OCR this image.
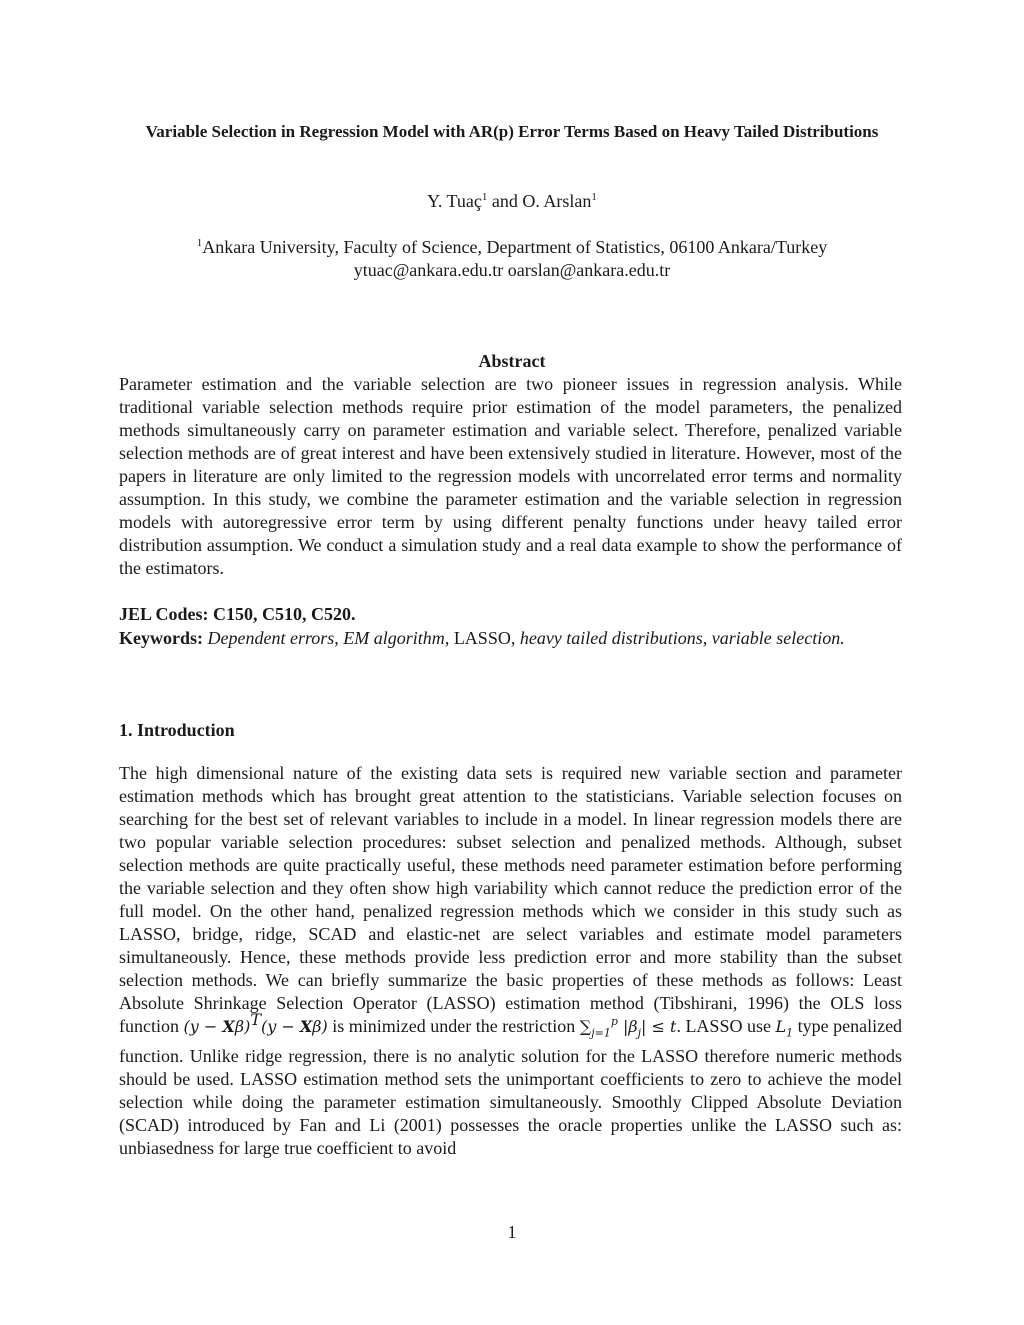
Variable Selection in Regression Model with AR(p) Error Terms Based on Heavy Tailed Distributions
Y. Tuaç$^1$ and O. Arslan$^1$
$^1$Ankara University, Faculty of Science, Department of Statistics, 06100 Ankara/Turkey
ytuac@ankara.edu.tr oarslan@ankara.edu.tr
Abstract
Parameter estimation and the variable selection are two pioneer issues in regression analysis. While traditional variable selection methods require prior estimation of the model parameters, the penalized methods simultaneously carry on parameter estimation and variable select. Therefore, penalized variable selection methods are of great interest and have been extensively studied in literature. However, most of the papers in literature are only limited to the regression models with uncorrelated error terms and normality assumption. In this study, we combine the parameter estimation and the variable selection in regression models with autoregressive error term by using different penalty functions under heavy tailed error distribution assumption. We conduct a simulation study and a real data example to show the performance of the estimators.
JEL Codes: C150, C510, C520.
Keywords: Dependent errors, EM algorithm, LASSO, heavy tailed distributions, variable selection.
1. Introduction
The high dimensional nature of the existing data sets is required new variable section and parameter estimation methods which has brought great attention to the statisticians. Variable selection focuses on searching for the best set of relevant variables to include in a model. In linear regression models there are two popular variable selection procedures: subset selection and penalized methods. Although, subset selection methods are quite practically useful, these methods need parameter estimation before performing the variable selection and they often show high variability which cannot reduce the prediction error of the full model. On the other hand, penalized regression methods which we consider in this study such as LASSO, bridge, ridge, SCAD and elastic-net are select variables and estimate model parameters simultaneously. Hence, these methods provide less prediction error and more stability than the subset selection methods. We can briefly summarize the basic properties of these methods as follows: Least Absolute Shrinkage Selection Operator (LASSO) estimation method (Tibshirani, 1996) the OLS loss function $(y - X\beta)^T(y - X\beta)$ is minimized under the restriction $\sum_{j=1}^p$ $|\beta_j| \le t$. LASSO use $L_1$ type penalized function. Unlike ridge regression, there is no analytic solution for the LASSO therefore numeric methods should be used. LASSO estimation method sets the unimportant coefficients to zero to achieve the model selection while doing the parameter estimation simultaneously. Smoothly Clipped Absolute Deviation (SCAD) introduced by Fan and Li (2001) possesses the oracle properties unlike the LASSO such as: unbiasedness for large true coefficient to avoid
1
